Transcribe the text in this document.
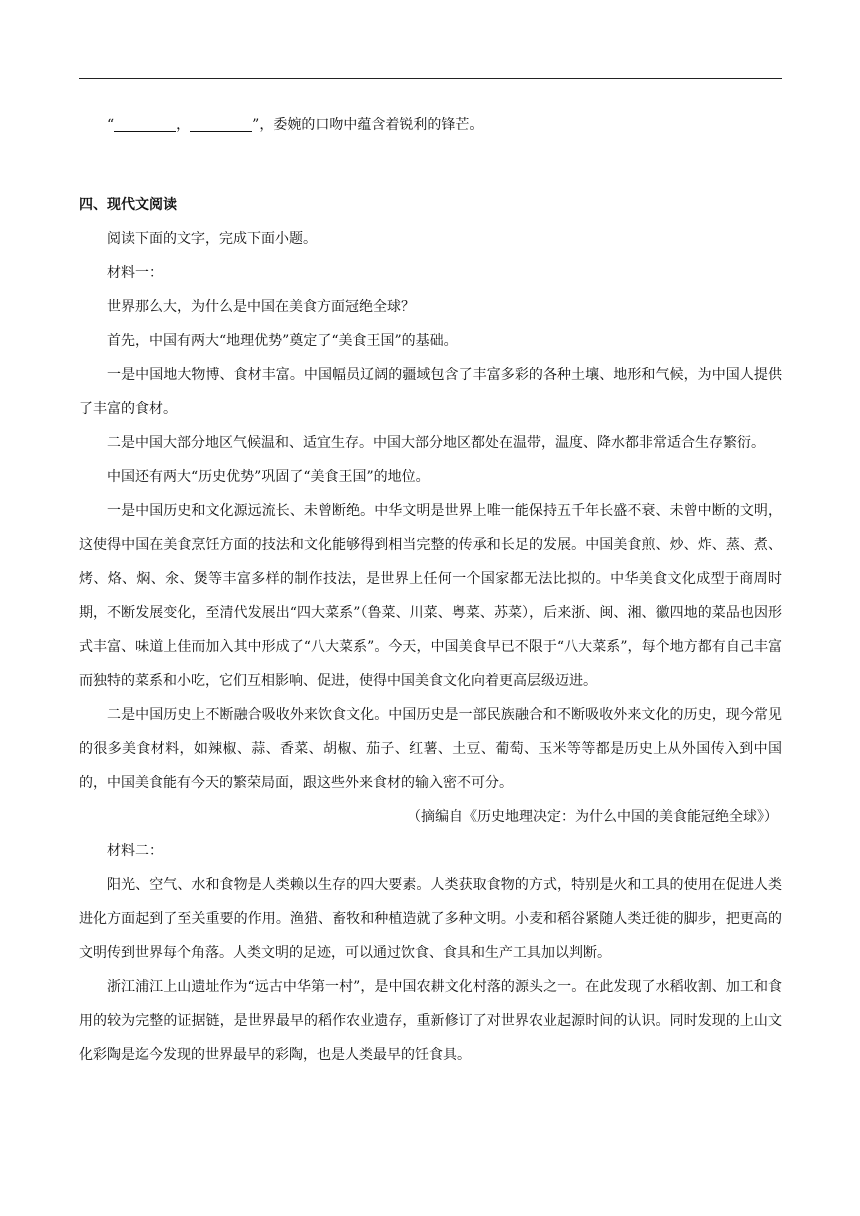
“	，	”，委婉的口吻中蕴含着锐利的锋芒。

四、现代文阅读

阅读下面的文字，完成下面小题。

材料一：

世界那么大，为什么是中国在美食方面冠绝全球？

首先，中国有两大“地理优势”奠定了“美食王国”的基础。

一是中国地大物博、食材丰富。中国幅员辽阔的疆域包含了丰富多彩的各种土壤、地形和气候，为中国人提供了丰富的食材。

二是中国大部分地区气候温和、适宜生存。中国大部分地区都处在温带，温度、降水都非常适合生存繁衍。

中国还有两大“历史优势”巩固了“美食王国”的地位。

一是中国历史和文化源远流长、未曾断绝。中华文明是世界上唯一能保持五千年长盛不衰、未曾中断的文明，这使得中国在美食烹饪方面的技法和文化能够得到相当完整的传承和长足的发展。中国美食煎、炒、炸、蒸、煮、烤、烙、焖、氽、煲等丰富多样的制作技法，是世界上任何一个国家都无法比拟的。中华美食文化成型于商周时期，不断发展变化，至清代发展出“四大菜系”（鲁菜、川菜、粤菜、苏菜），后来浙、闽、湘、徽四地的菜品也因形式丰富、味道上佳而加入其中形成了“八大菜系”。今天，中国美食早已不限于“八大菜系”，每个地方都有自己丰富而独特的菜系和小吃，它们互相影响、促进，使得中国美食文化向着更高层级迈进。

二是中国历史上不断融合吸收外来饮食文化。中国历史是一部民族融合和不断吸收外来文化的历史，现今常见的很多美食材料，如辣椒、蒜、香菜、胡椒、茄子、红薯、土豆、葡萄、玉米等等都是历史上从外国传入到中国的，中国美食能有今天的繁荣局面，跟这些外来食材的输入密不可分。

（摘编自《历史地理决定：为什么中国的美食能冠绝全球》）

材料二：

阳光、空气、水和食物是人类赖以生存的四大要素。人类获取食物的方式，特别是火和工具的使用在促进人类进化方面起到了至关重要的作用。渔猎、畜牧和种植造就了多种文明。小麦和稻谷紧随人类迁徙的脚步，把更高的文明传到世界每个角落。人类文明的足迹，可以通过饮食、食具和生产工具加以判断。

浙江浦江上山遗址作为“远古中华第一村”，是中国农耕文化村落的源头之一。在此发现了水稻收割、加工和食用的较为完整的证据链，是世界最早的稻作农业遗存，重新修订了对世界农业起源时间的认识。同时发现的上山文化彩陶是迄今发现的世界最早的彩陶，也是人类最早的饪食具。
